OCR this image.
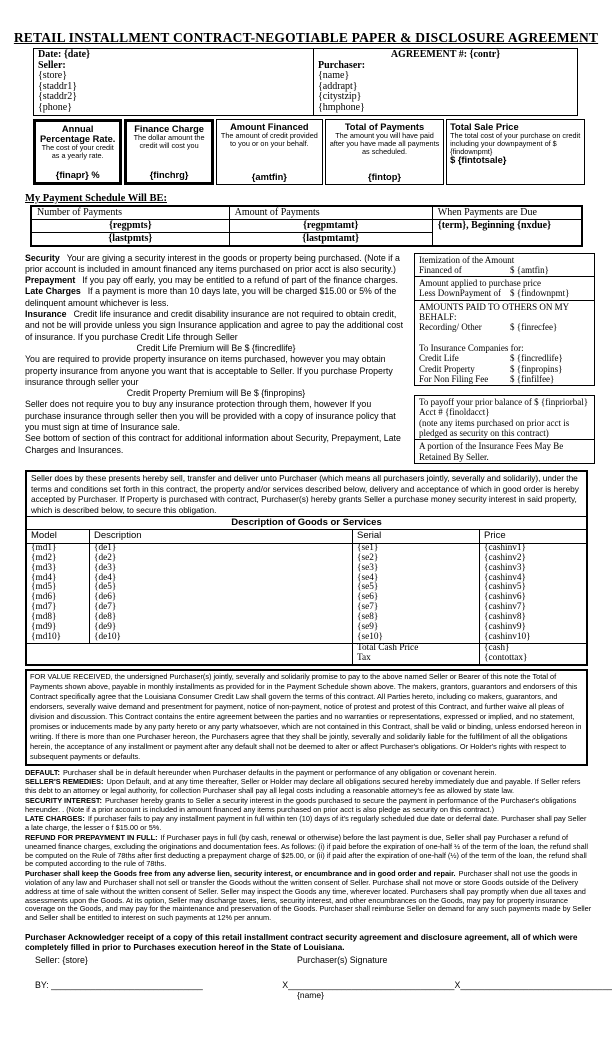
RETAIL INSTALLMENT CONTRACT-NEGOTIABLE PAPER & DISCLOSURE AGREEMENT
Date: {date}
Seller:
{store}
{staddr1}
{staddr2}
{phone}
AGREEMENT #: {contr}
Purchaser:
{name}
{addrapt}
{citystzip}
{hmphone}
Annual Percentage Rate.
The cost of your credit as a yearly rate.
{finapr} %
Finance Charge
The dollar amount the credit will cost you
{finchrg}
Amount Financed
The amount of credit provided to you or on your behalf.
{amtfin}
Total of Payments
The amount you will have paid after you have made all payments as scheduled.
{fintop}
Total Sale Price
The total cost of your purchase on credit including your downpayment of $ {findownpmt}
$ {fintotsale}
My Payment Schedule Will BE:
Number of Payments	Amount of Payments	When Payments are Due
{regpmts}	{regpmtamt}	{term}, Beginning {nxdue}
{lastpmts}	{lastpmtamt}

Security Your are giving a security interest in the goods or property being purchased. (Note if a prior account is included in amount financed any items purchased on prior acct is also security.)

Prepayment If you pay off early, you may be entitled to a refund of part of the finance charges.

Late Charges If a payment is more than 10 days late, you will be charged $15.00 or 5% of the delinquent amount whichever is less.

Insurance Credit life insurance and credit disability insurance are not required to obtain credit, and not be will provide unless you sign Insurance application and agree to pay the additional cost of insurance. If you purchase Credit Life through Seller

Credit Life Premium will Be $ {fincredlife}

You are required to provide property insurance on items purchased, however you may obtain property insurance from anyone you want that is acceptable to Seller. If you purchase Property insurance through seller your

Credit Property Premium will Be $ {finpropins}

Seller does not require you to buy any insurance protection through them, however If you purchase insurance through seller then you will be provided with a copy of insurance policy that you must sign at time of Insurance sale.

See bottom of section of this contract for additional information about Security, Prepayment, Late Charges and Insurances.

Itemization of the Amount
Financed of	$ {amtfin}
Amount applied to purchase price
Less DownPayment of $ {findownpmt}
AMOUNTS PAID TO OTHERS ON MY
BEHALF:
Recording/ Other	$ {finrecfee}

To Insurance Companies for:
Credit Life	$ {fincredlife}
Credit Property	$ {finpropins}
For Non Filing Fee $ {finfilfee}
To payoff your prior balance of $ {finpriorbal}
Acct # {finoldacct}
(note any items purchased on prior acct is
pledged as security on this contract)
A portion of the Insurance Fees May Be
Retained By Seller.
Seller does by these presents hereby sell, transfer and deliver unto Purchaser (which means all purchasers jointly, severally and solidarily), under the terms and conditions set forth in this contract, the property and/or services described below, delivery and acceptance of which in good order is hereby accepted by Purchaser. If Property is purchased with contract, Purchaser(s) hereby grants Seller a purchase money security interest in said property, which is described below, to secure this obligation.
Description of Goods or Services
Model	Description	Serial	Price
{md1}	{de1}	{se1}	{cashinv1}
{md2}	{de2}	{se2}	{cashinv2}
{md3}	{de3}	{se3}	{cashinv3}
{md4}	{de4}	{se4}	{cashinv4}
{md5}	{de5}	{se5}	{cashinv5}
{md6}	{de6}	{se6}	{cashinv6}
{md7}	{de7}	{se7}	{cashinv7}
{md8}	{de8}	{se8}	{cashinv8}
{md9}	{de9}	{se9}	{cashinv9}
{md10}	{de10}	{se10}	{cashinv10}

Total Cash Price	{cash}

Tax	{contottax}
FOR VALUE RECEIVED, the undersigned Purchaser(s) jointly, severally and solidarily promise to pay to the above named Seller or Bearer of this note the Total of Payments shown above, payable in monthly installments as provided for in the Payment Schedule shown above. The makers, grantors, guarantors and endorsers of this Contract specifically agree that the Louisiana Consumer Credit Law shall govern the terms of this contract. All Parties hereto, including co makers, guarantors, and endorsers, severally waive demand and presentment for payment, notice of non-payment, notice of protest and protest of this Contract, and further waive all pleas of division and discussion. This Contract contains the entire agreement between the parties and no warranties or representations, expressed or implied, and no statement, promises or inducements made by any party hereto or any party whatsoever, which are not contained in this Contract, shall be valid or binding, unless endorsed hereon in writing. If there is more than one Purchaser hereon, the Purchasers agree that they shall be jointly, severally and solidarily liable for the fulfillment of all the obligations herein, the acceptance of any installment or payment after any default shall not be deemed to alter or affect Purchaser's obligations. Or Holder's rights with respect to subsequent payments or defaults.

DEFAULT: Purchaser shall be in default hereunder when Purchaser defaults in the payment or performance of any obligation or covenant herein.

SELLER'S REMEDIES: Upon Default, and at any time thereafter, Seller or Holder may declare all obligations secured hereby immediately due and payable. If Seller refers this debt to an attorney or legal authority, for collection Purchaser shall pay all legal costs including a reasonable attorney's fee as allowed by state law.

SECURITY INTEREST: Purchaser hereby grants to Seller a security interest in the goods purchased to secure the payment in performance of the Purchaser's obligations hereunder. . (Note if a prior account is included in amount financed any items purchased on prior acct is also pledge as security on this contract.)

LATE CHARGES: If purchaser fails to pay any installment payment in full within ten (10) days of it's regularly scheduled due date or deferral date. Purchaser shall pay Seller a late charge, the lesser o f $15.00 or 5%.

REFUND FOR PREPAYMENT IN FULL: If Purchaser pays in full (by cash, renewal or otherwise) before the last payment is due, Seller shall pay Purchaser a refund of unearned finance charges, excluding the originations and documentation fees. As follows: (i) if paid before the expiration of one-half ½ of the term of the loan, the refund shall be computed on the Rule of 78ths after first deducting a prepayment charge of $25.00, or (ii) if paid after the expiration of one-half (½) of the term of the loan, the refund shall be computed according to the rule of 78ths.

Purchaser shall keep the Goods free from any adverse lien, security interest, or encumbrance and in good order and repair. Purchaser shall not use the goods in violation of any law and Purchaser shall not sell or transfer the Goods without the written consent of Seller. Purchase shall not move or store Goods outside of the Delivery address at time of sale without the written consent of Seller. Seller may inspect the Goods any time, wherever located. Purchasers shall pay promptly when due all taxes and assessments upon the Goods. At its option, Seller may discharge taxes, liens, security interest, and other encumbrances on the Goods, may pay for property insurance coverage on the Goods, and may pay for the maintenance and preservation of the Goods. Purchaser shall reimburse Seller on demand for any such payments made by Seller and Seller shall be entitled to interest on such payments at 12% per annum.

Purchaser Acknowledger receipt of a copy of this retail installment contract security agreement and disclosure agreement, all of which were completely filled in prior to Purchases execution hereof in the State of Louisiana.
Seller: {store}	Purchaser(s) Signature
BY: _______________________________	X__________________________________X_______________________________
{name}
